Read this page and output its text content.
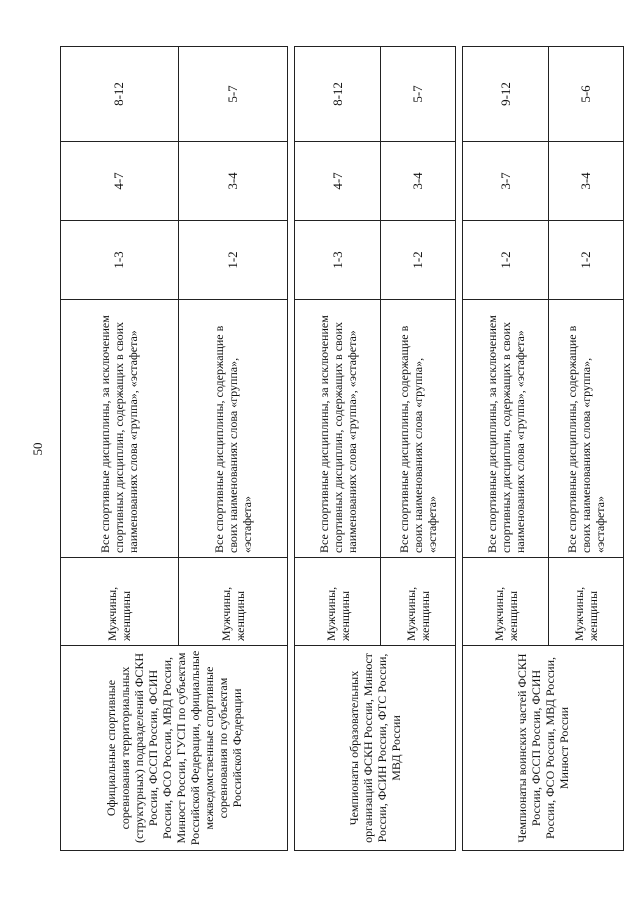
50
Официальные спортивные соревнования территориальных (структурных) подразделений ФСКН России, ФССП России, ФСИН России, ФСО России, МВД России, Минюст России, ГУСП по субъектам Российской Федерации, официальные межведомственные спортивные соревнования по субъектам Российской Федерации	Мужчины, женщины	Все спортивные дисциплины, за исключением спортивных дисциплин, содержащих в своих наименованиях слова «группа», «эстафета»	1-3	4-7	8-12
	Мужчины, женщины	Все спортивные дисциплины, содержащие в своих наименованиях слова «группа», «эстафета»	1-2	3-4	5-7

Чемпионаты образовательных организаций ФСКН России, Минюст России, ФСИН России, ФТС России, МВД России	Мужчины, женщины	Все спортивные дисциплины, за исключением спортивных дисциплин, содержащих в своих наименованиях слова «группа», «эстафета»	1-3	4-7	8-12
	Мужчины, женщины	Все спортивные дисциплины, содержащие в своих наименованиях слова «группа», «эстафета»	1-2	3-4	5-7

Чемпионаты воинских частей ФСКН России, ФССП России, ФСИН России, ФСО России, МВД России, Минюст России	Мужчины, женщины	Все спортивные дисциплины, за исключением спортивных дисциплин, содержащих в своих наименованиях слова «группа», «эстафета»	1-2	3-7	9-12
	Мужчины, женщины	Все спортивные дисциплины, содержащие в своих наименованиях слова «группа», «эстафета»	1-2	3-4	5-6
